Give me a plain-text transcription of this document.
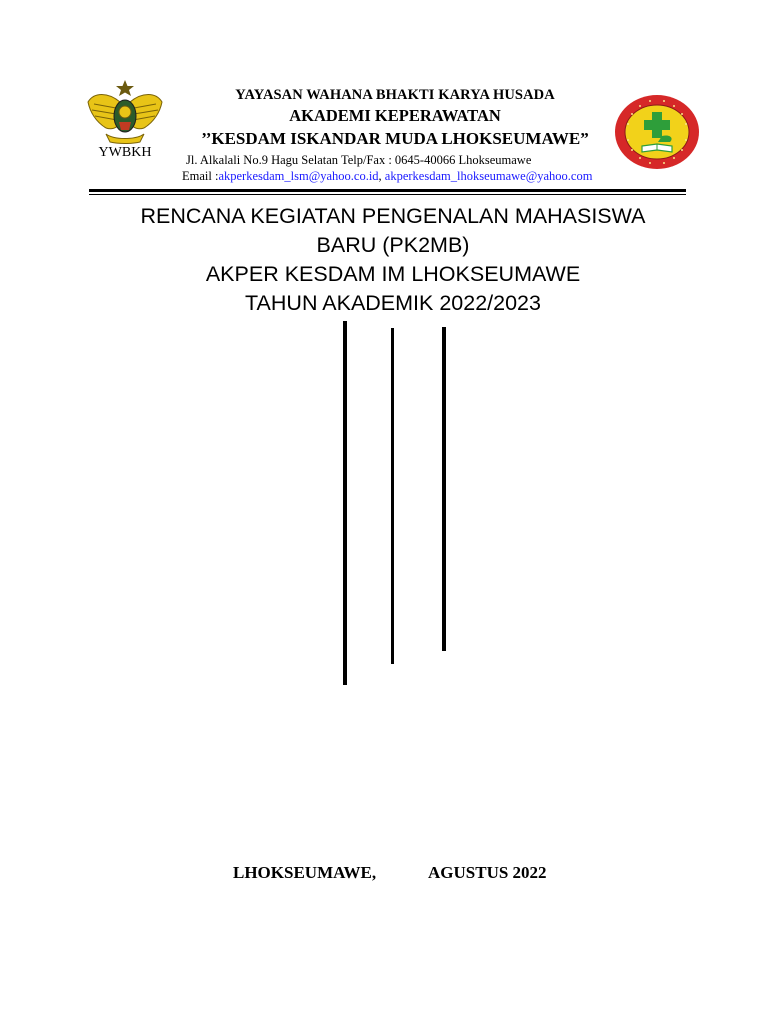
YWBKH
YAYASAN WAHANA BHAKTI KARYA HUSADA
AKADEMI KEPERAWATAN
’’KESDAM ISKANDAR MUDA LHOKSEUMAWE”
Jl. Alkalali No.9 Hagu Selatan Telp/Fax : 0645-40066 Lhokseumawe
Email :akperkesdam_lsm@yahoo.co.id, akperkesdam_lhokseumawe@yahoo.com
RENCANA KEGIATAN PENGENALAN MAHASISWA
BARU (PK2MB)
AKPER KESDAM IM LHOKSEUMAWE
TAHUN AKADEMIK 2022/2023
LHOKSEUMAWE,	AGUSTUS 2022
